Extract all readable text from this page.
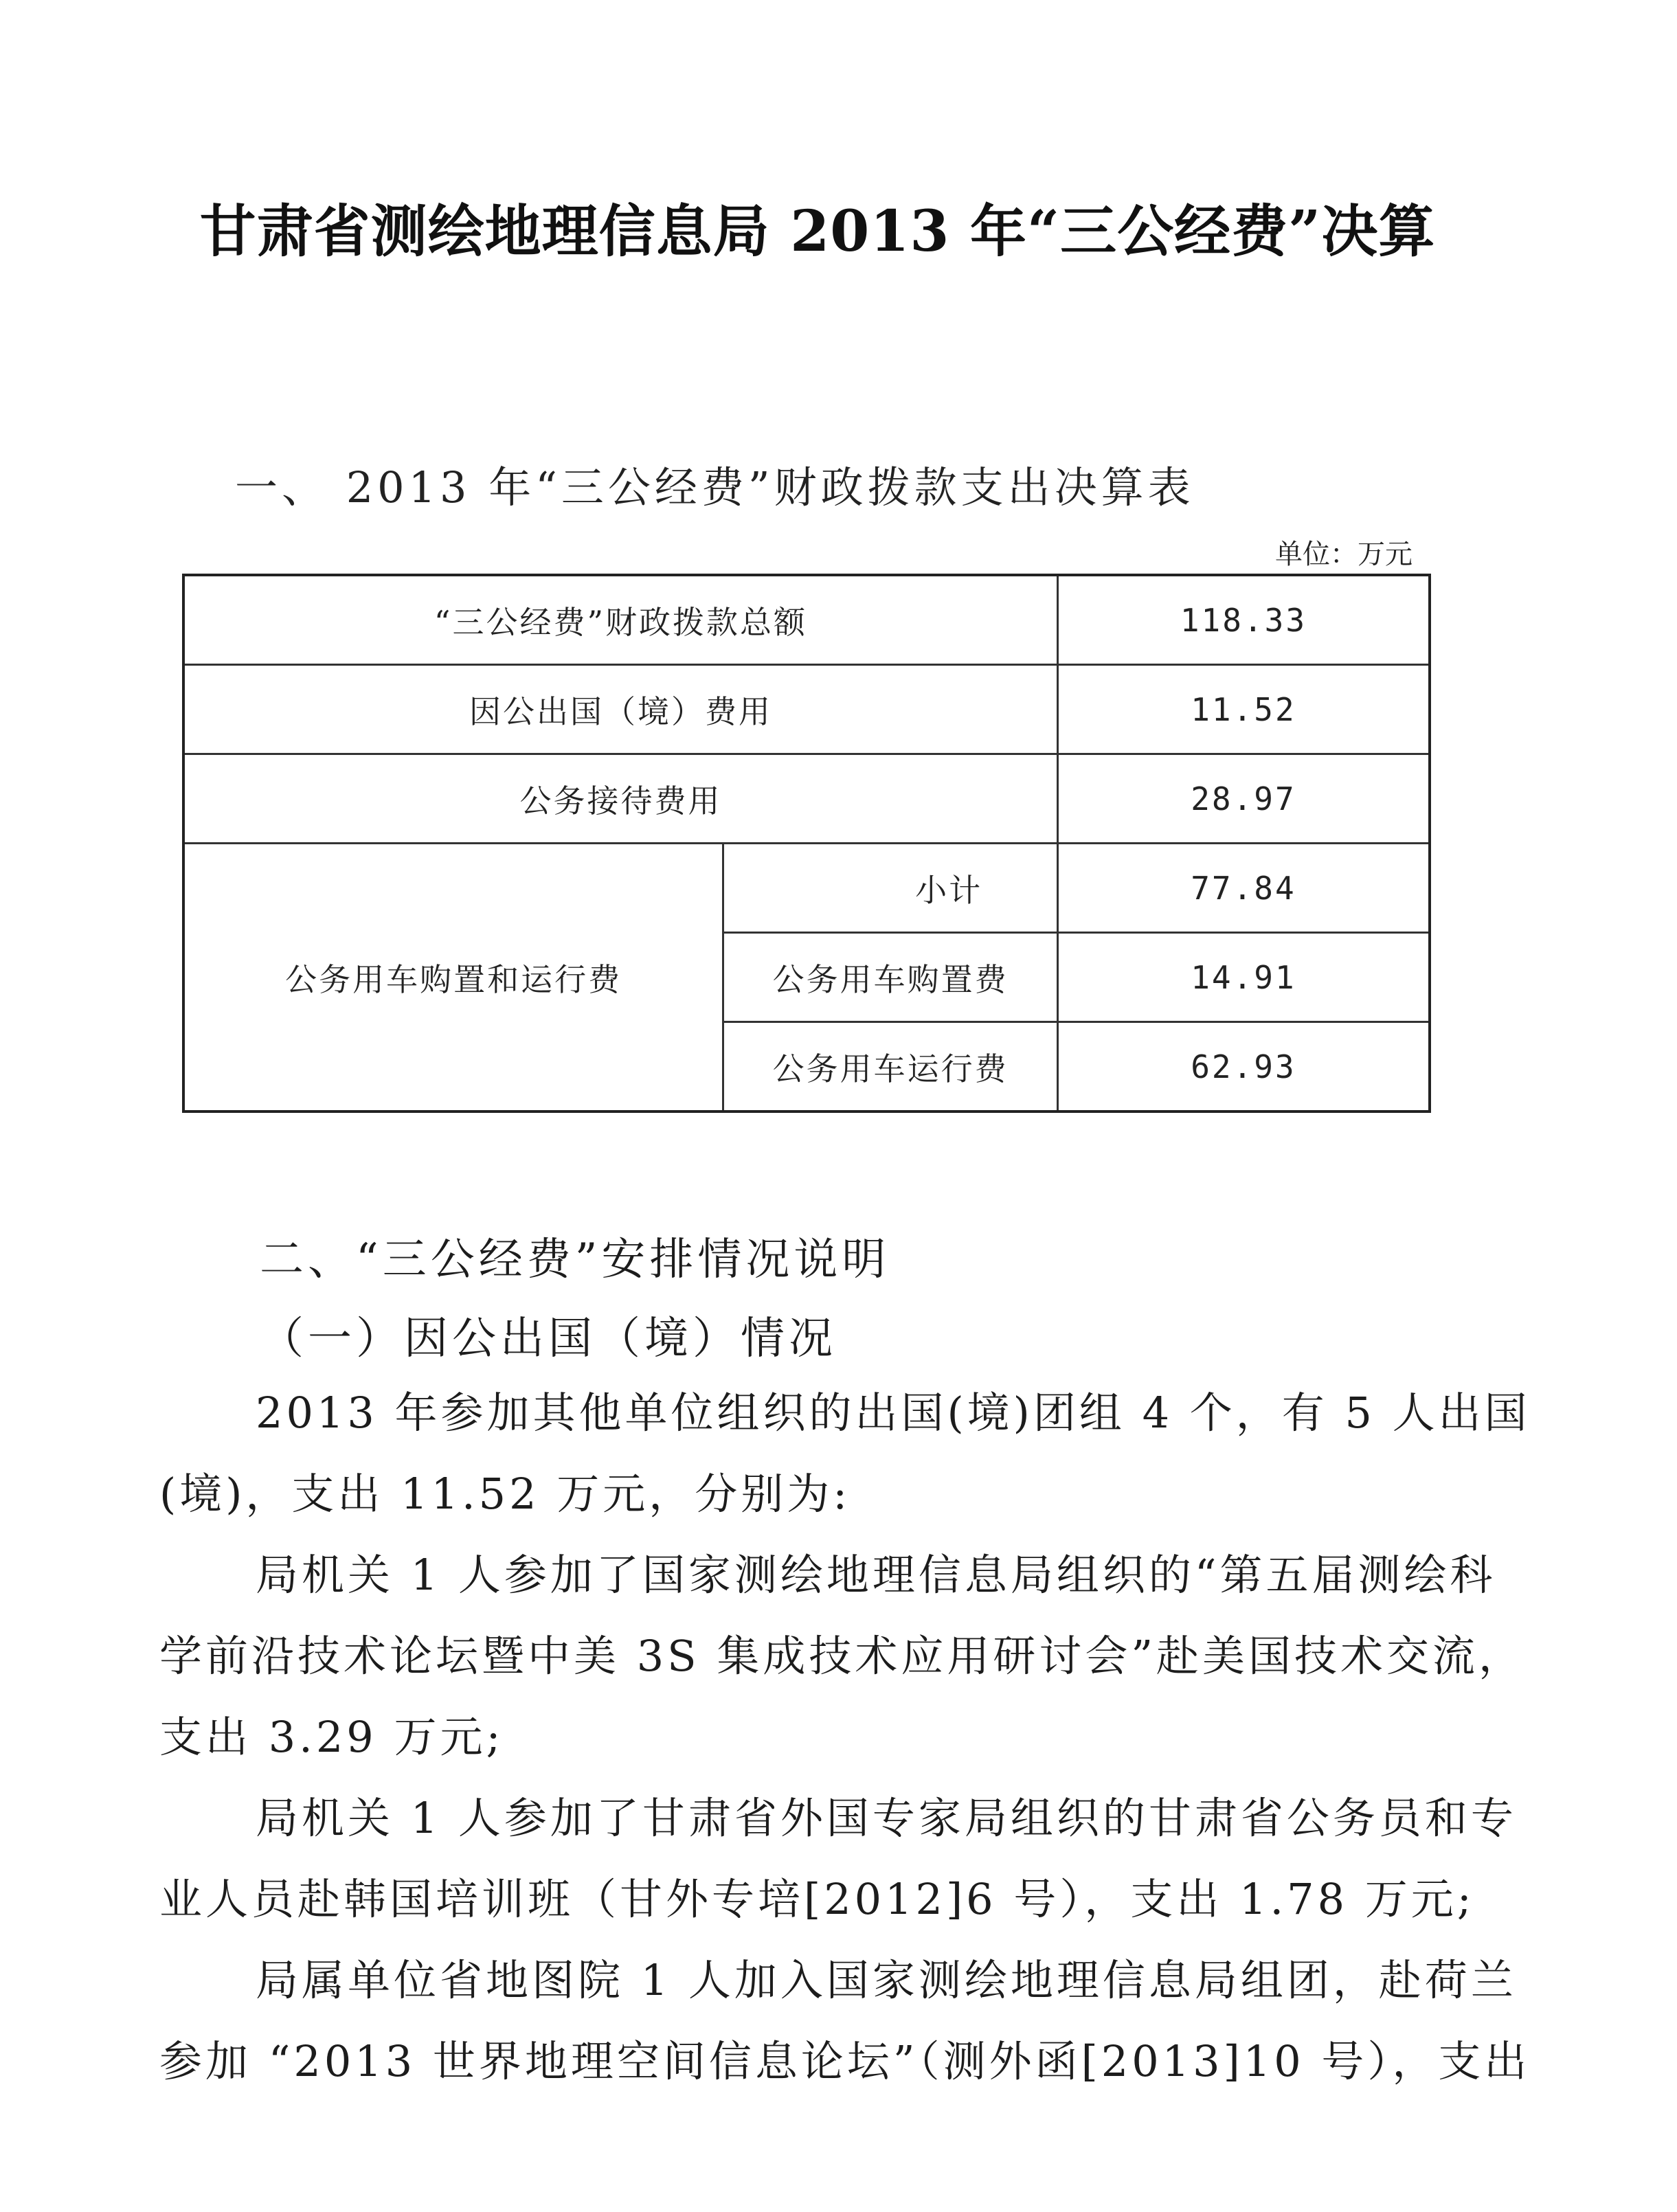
甘肃省测绘地理信息局 2013 年“三公经费”决算
一、 2013 年“三公经费”财政拨款支出决算表
单位：万元
“三公经费”财政拨款总额		118.33
因公出国（境）费用		11.52
公务接待费用		28.97
公务用车购置和运行费	小计	77.84
	公务用车购置费	14.91
	公务用车运行费	62.93
二、“三公经费”安排情况说明
（一）因公出国（境）情况
2013 年参加其他单位组织的出国(境)团组 4 个，有 5 人出国
(境)，支出 11.52 万元，分别为:
局机关 1 人参加了国家测绘地理信息局组织的“第五届测绘科
学前沿技术论坛暨中美 3S 集成技术应用研讨会”赴美国技术交流，
支出 3.29 万元;
局机关 1 人参加了甘肃省外国专家局组织的甘肃省公务员和专
业人员赴韩国培训班（甘外专培[2012]6 号），支出 1.78 万元;
局属单位省地图院 1 人加入国家测绘地理信息局组团，赴荷兰
参加 “2013 世界地理空间信息论坛”（测外函[2013]10 号），支出
